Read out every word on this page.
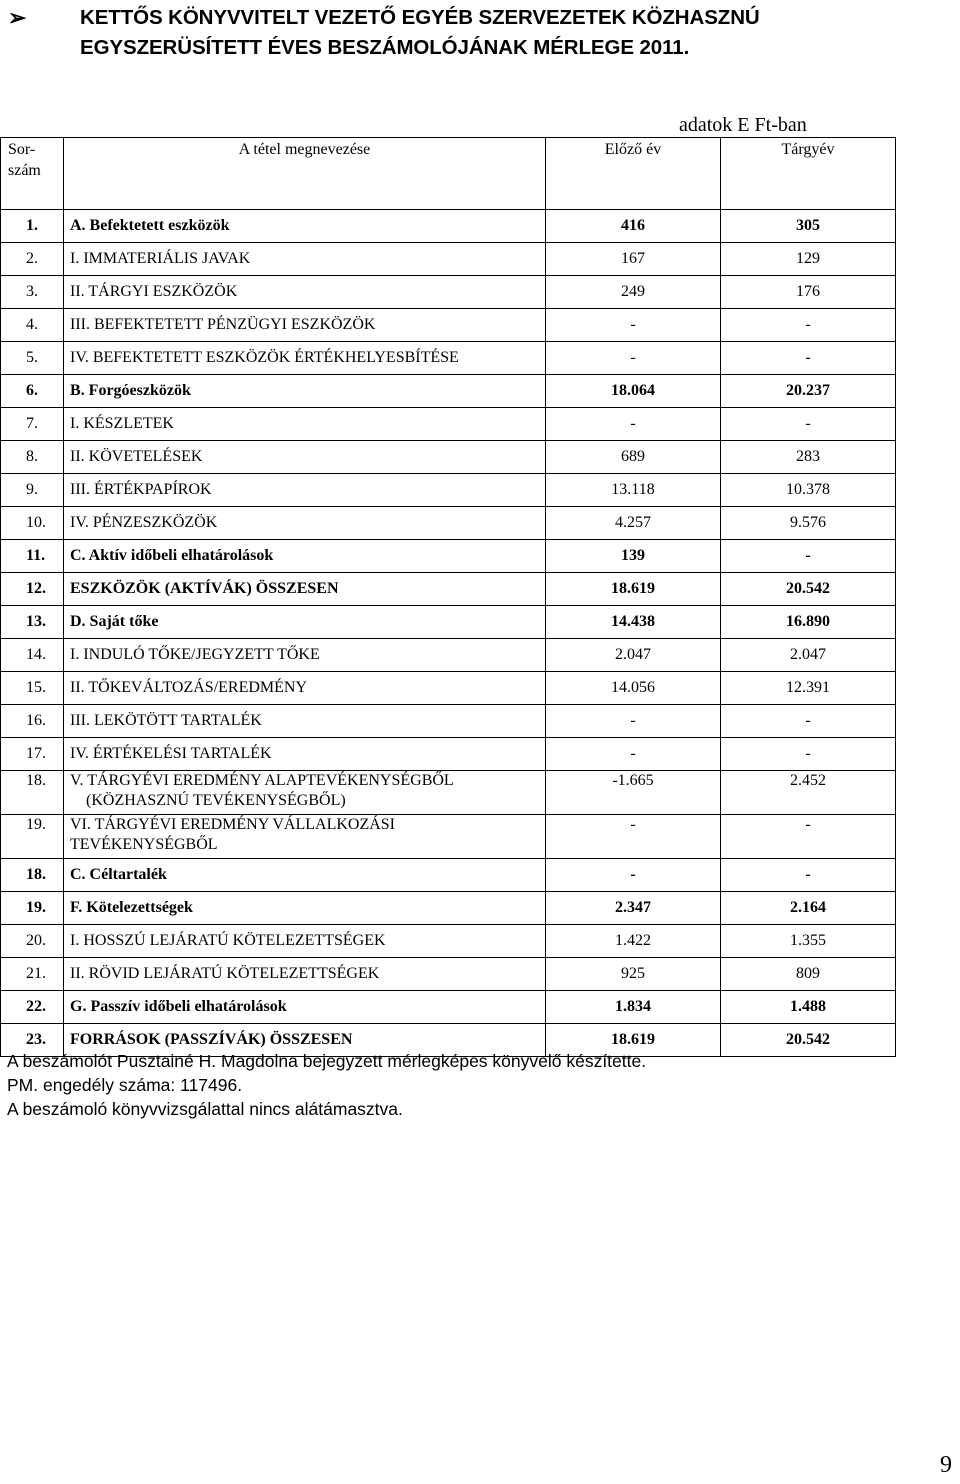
➢	KETTŐS KÖNYVVITELT VEZETŐ EGYÉB SZERVEZETEK KÖZHASZNÚ
EGYSZERÜSÍTETT ÉVES BESZÁMOLÓJÁNAK MÉRLEGE 2011.
adatok E Ft-ban
Sor-
szám	A tétel megnevezése	Előző év	Tárgyév
1.	A. Befektetett eszközök	416	305
2.	I. IMMATERIÁLIS JAVAK	167	129
3.	II. TÁRGYI ESZKÖZÖK	249	176
4.	III. BEFEKTETETT PÉNZÜGYI ESZKÖZÖK	-	-
5.	IV. BEFEKTETETT ESZKÖZÖK ÉRTÉKHELYESBÍTÉSE	-	-
6.	B. Forgóeszközök	18.064	20.237
7.	I. KÉSZLETEK	-	-
8.	II. KÖVETELÉSEK	689	283
9.	III. ÉRTÉKPAPÍROK	13.118	10.378
10.	IV. PÉNZESZKÖZÖK	4.257	9.576
11.	C. Aktív időbeli elhatárolások	139	-
12.	ESZKÖZÖK (AKTÍVÁK) ÖSSZESEN	18.619	20.542
13.	D. Saját tőke	14.438	16.890
14.	I. INDULÓ TŐKE/JEGYZETT TŐKE	2.047	2.047
15.	II. TŐKEVÁLTOZÁS/EREDMÉNY	14.056	12.391
16.	III. LEKÖTÖTT TARTALÉK	-	-
17.	IV. ÉRTÉKELÉSI TARTALÉK	-	-
18.	V. TÁRGYÉVI EREDMÉNY ALAPTEVÉKENYSÉGBŐL
(KÖZHASZNÚ TEVÉKENYSÉGBŐL)	-1.665	2.452
19.	VI. TÁRGYÉVI EREDMÉNY VÁLLALKOZÁSI
TEVÉKENYSÉGBŐL	-	-
18.	C. Céltartalék	-	-
19.	F. Kötelezettségek	2.347	2.164
20.	I. HOSSZÚ LEJÁRATÚ KÖTELEZETTSÉGEK	1.422	1.355
21.	II. RÖVID LEJÁRATÚ KÖTELEZETTSÉGEK	925	809
22.	G. Passzív időbeli elhatárolások	1.834	1.488
23.	FORRÁSOK (PASSZÍVÁK) ÖSSZESEN	18.619	20.542
A beszámolót Pusztainé H. Magdolna bejegyzett mérlegképes könyvelő készítette.
PM. engedély száma: 117496.
A beszámoló könyvvizsgálattal nincs alátámasztva.
9
